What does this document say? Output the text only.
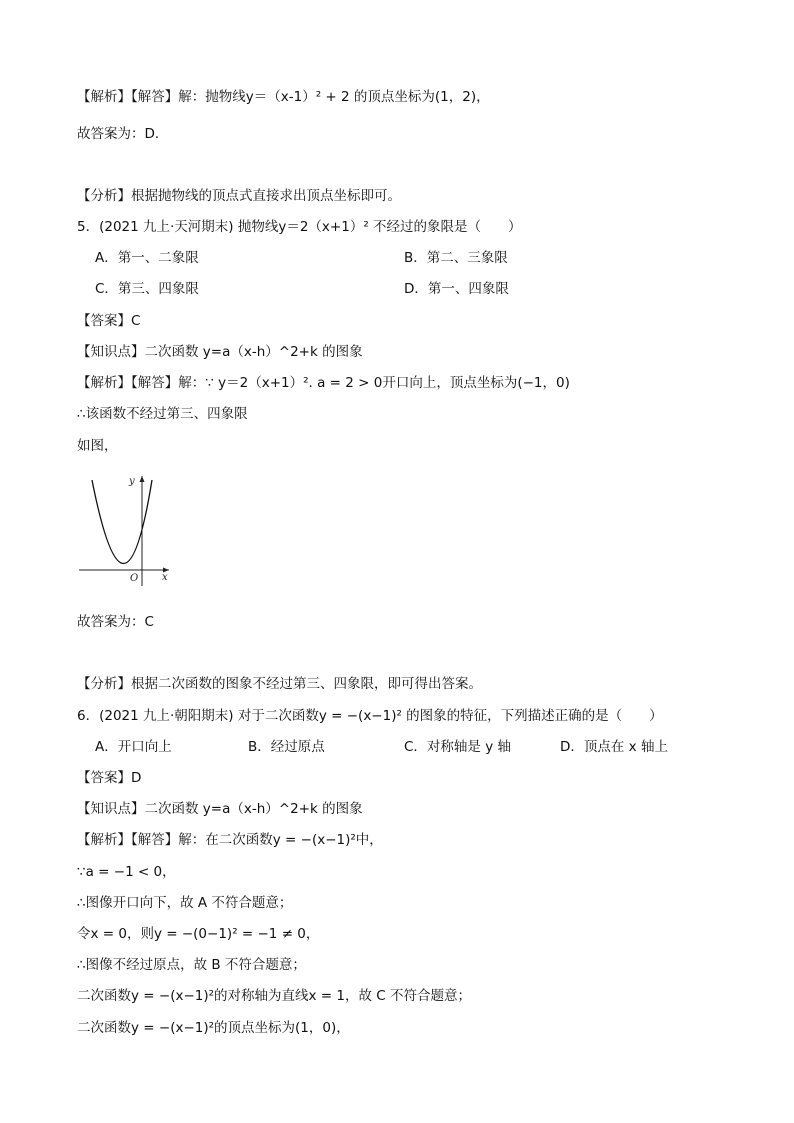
【解析】【解答】解：抛物线y＝（x-1）² + 2 的顶点坐标为(1，2)，
故答案为：D．
【分析】根据抛物线的顶点式直接求出顶点坐标即可。
5．(2021 九上·天河期末) 抛物线y＝2（x+1）² 不经过的象限是（　　）
A．第一、二象限	B．第二、三象限
C．第三、四象限	D．第一、四象限
【答案】C
【知识点】二次函数 y=a（x-h）^2+k 的图象
【解析】【解答】解：∵ y＝2（x+1）². a = 2 > 0开口向上，顶点坐标为(−1，0)
∴该函数不经过第三、四象限
如图，
y
x
O
故答案为：C
【分析】根据二次函数的图象不经过第三、四象限，即可得出答案。
6．(2021 九上·朝阳期末) 对于二次函数y = −(x−1)² 的图象的特征，下列描述正确的是（　　）
A．开口向上	B．经过原点	C．对称轴是 y 轴	D．顶点在 x 轴上
【答案】D
【知识点】二次函数 y=a（x-h）^2+k 的图象
【解析】【解答】解：在二次函数y = −(x−1)²中，
∵a = −1 < 0，
∴图像开口向下，故 A 不符合题意；
令x = 0，则y = −(0−1)² = −1 ≠ 0，
∴图像不经过原点，故 B 不符合题意；
二次函数y = −(x−1)²的对称轴为直线x = 1，故 C 不符合题意；
二次函数y = −(x−1)²的顶点坐标为(1，0)，
